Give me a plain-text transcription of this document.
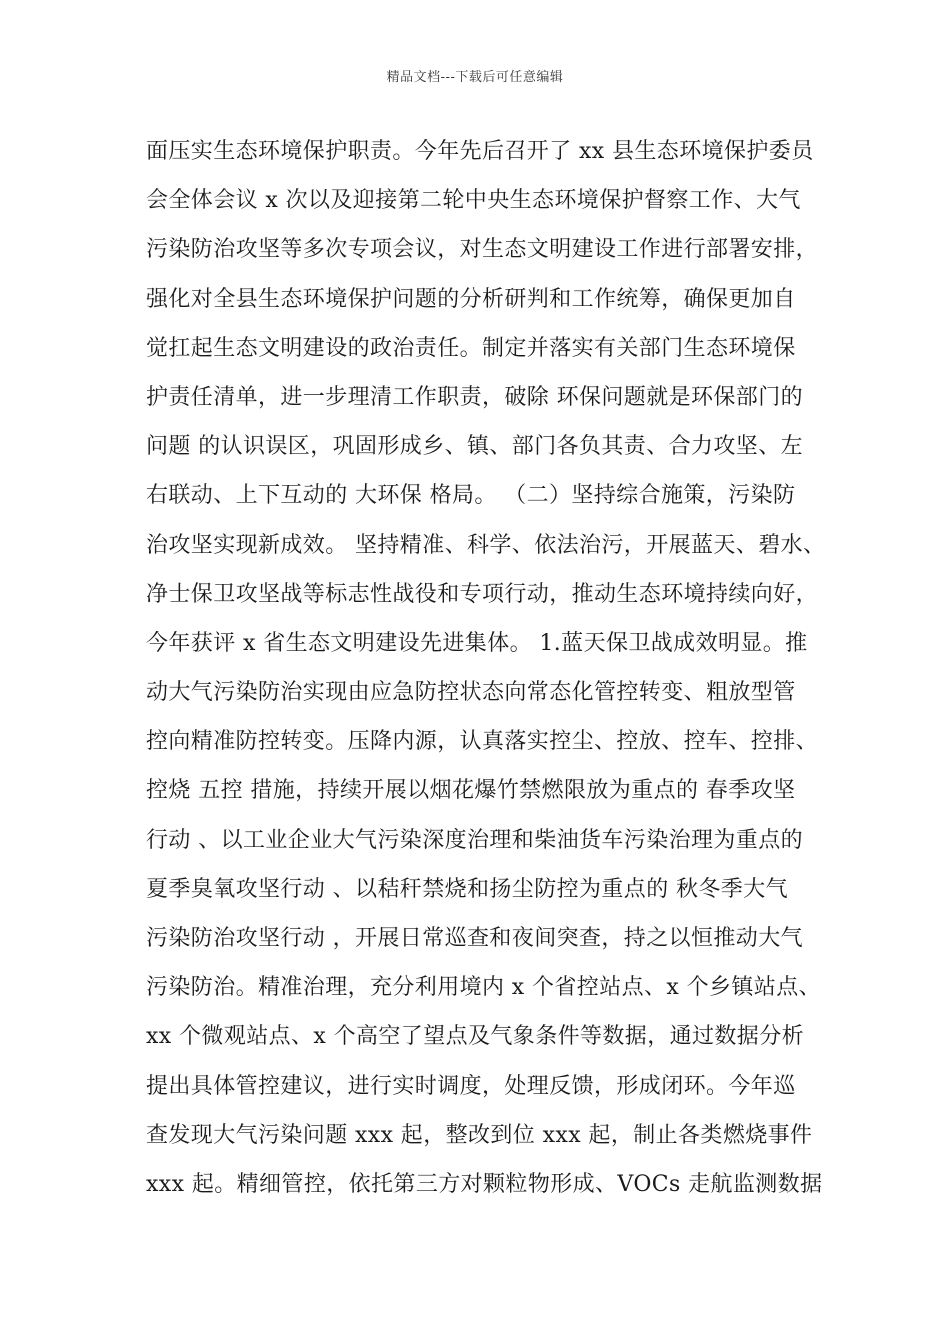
精品文档---下载后可任意编辑
面压实生态环境保护职责。今年先后召开了 xx 县生态环境保护委员
会全体会议 x 次以及迎接第二轮中央生态环境保护督察工作、大气
污染防治攻坚等多次专项会议，对生态文明建设工作进行部署安排，
强化对全县生态环境保护问题的分析研判和工作统筹，确保更加自
觉扛起生态文明建设的政治责任。制定并落实有关部门生态环境保
护责任清单，进一步理清工作职责，破除 环保问题就是环保部门的
问题 的认识误区，巩固形成乡、镇、部门各负其责、合力攻坚、左
右联动、上下互动的 大环保 格局。 （二）坚持综合施策，污染防
治攻坚实现新成效。 坚持精准、科学、依法治污，开展蓝天、碧水、
净士保卫攻坚战等标志性战役和专项行动，推动生态环境持续向好，
今年获评 x 省生态文明建设先进集体。 1.蓝天保卫战成效明显。推
动大气污染防治实现由应急防控状态向常态化管控转变、粗放型管
控向精准防控转变。压降内源，认真落实控尘、控放、控车、控排、
控烧 五控 措施，持续开展以烟花爆竹禁燃限放为重点的 春季攻坚
行动 、以工业企业大气污染深度治理和柴油货车污染治理为重点的
夏季臭氧攻坚行动 、以秸秆禁烧和扬尘防控为重点的 秋冬季大气
污染防治攻坚行动 ，开展日常巡查和夜间突查，持之以恒推动大气
污染防治。精准治理，充分利用境内 x 个省控站点、x 个乡镇站点、
xx 个微观站点、x 个高空了望点及气象条件等数据，通过数据分析
提出具体管控建议，进行实时调度，处理反馈，形成闭环。今年巡
查发现大气污染问题 xxx 起，整改到位 xxx 起，制止各类燃烧事件
xxx 起。精细管控，依托第三方对颗粒物形成、VOCs 走航监测数据
